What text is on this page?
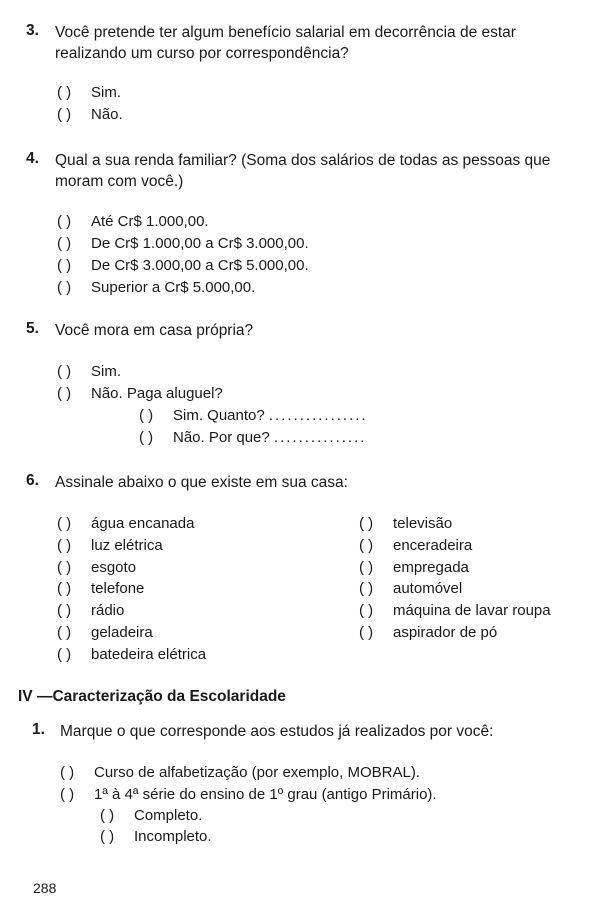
3. Você pretende ter algum benefício salarial em decorrência de estar realizando um curso por correspondência?
( ) Sim.
( ) Não.
4. Qual a sua renda familiar? (Soma dos salários de todas as pessoas que moram com você.)
( ) Até Cr$ 1.000,00.
( ) De Cr$ 1.000,00 a Cr$ 3.000,00.
( ) De Cr$ 3.000,00 a Cr$ 5.000,00.
( ) Superior a Cr$ 5.000,00.
5. Você mora em casa própria?
( ) Sim.
( ) Não. Paga aluguel?
( ) Sim. Quanto? ................
( ) Não. Por que? ...............
6. Assinale abaixo o que existe em sua casa:
( ) água encanada
( ) luz elétrica
( ) esgoto
( ) telefone
( ) rádio
( ) geladeira
( ) batedeira elétrica
( ) televisão
( ) enceradeira
( ) empregada
( ) automóvel
( ) máquina de lavar roupa
( ) aspirador de pó
IV —Caracterização da Escolaridade
1. Marque o que corresponde aos estudos já realizados por você:
( ) Curso de alfabetização (por exemplo, MOBRAL).
( ) 1ª à 4ª série do ensino de 1º grau (antigo Primário).
( ) Completo.
( ) Incompleto.
288
